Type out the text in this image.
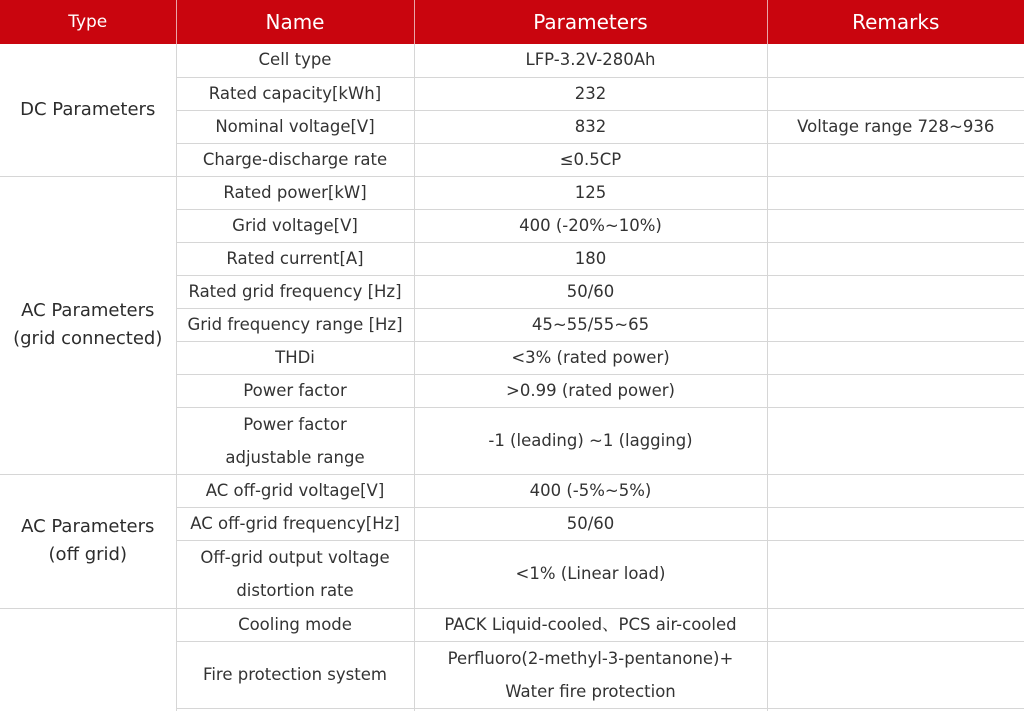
Type	Name	Parameters	Remarks
DC Parameters	Cell type	LFP-3.2V-280Ah	
	Rated capacity[kWh]	232	
	Nominal voltage[V]	832	Voltage range 728~936
	Charge-discharge rate	≤0.5CP	

AC Parameters
(grid connected)	Rated power[kW]	125	
	Grid voltage[V]	400 (-20%~10%)	
	Rated current[A]	180	
	Rated grid frequency [Hz]	50/60	
	Grid frequency range [Hz]	45~55/55~65	
	THDi	<3% (rated power)	
	Power factor	>0.99 (rated power)	

	Power factor
adjustable range	-1 (leading) ~1 (lagging)	

AC Parameters
(off grid)	AC off-grid voltage[V]	400 (-5%~5%)	
	AC off-grid frequency[Hz]	50/60	

	Off-grid output voltage
distortion rate	<1% (Linear load)	
	Cooling mode	PACK Liquid-cooled、PCS air-cooled	
	Fire protection system	Perfluoro(2-methyl-3-pentanone)+
Water fire protection	
